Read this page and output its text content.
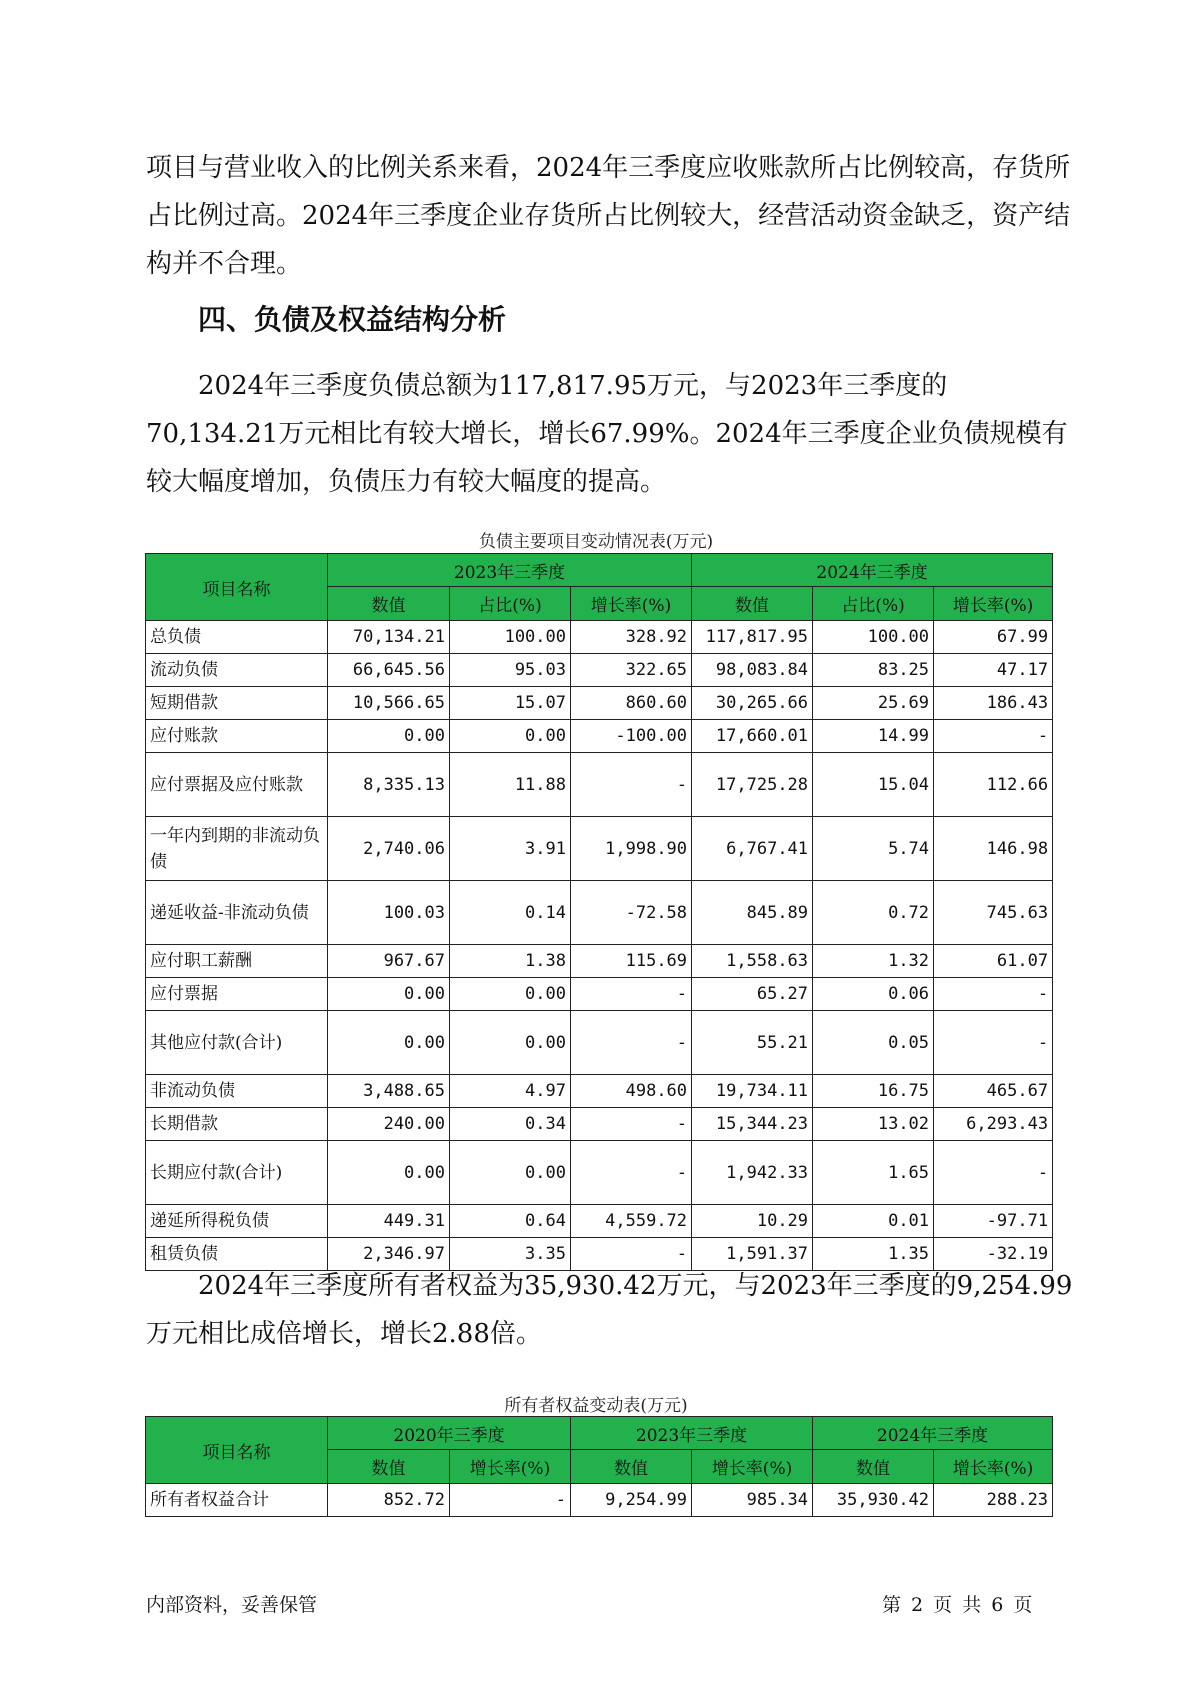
项目与营业收入的比例关系来看，2024年三季度应收账款所占比例较高，存货所占比例过高。2024年三季度企业存货所占比例较大，经营活动资金缺乏，资产结构并不合理。

四、负债及权益结构分析

2024年三季度负债总额为117,817.95万元，与2023年三季度的70,134.21万元相比有较大增长，增长67.99%。2024年三季度企业负债规模有较大幅度增加，负债压力有较大幅度的提高。

负债主要项目变动情况表(万元)
项目名称	2023年三季度			2024年三季度		
	数值	占比(%)	增长率(%)	数值	占比(%)	增长率(%)
总负债	70,134.21	100.00	328.92	117,817.95	100.00	67.99
流动负债	66,645.56	95.03	322.65	98,083.84	83.25	47.17
短期借款	10,566.65	15.07	860.60	30,265.66	25.69	186.43
应付账款	0.00	0.00	-100.00	17,660.01	14.99	-
应付票据及应付账款	8,335.13	11.88	-	17,725.28	15.04	112.66
一年内到期的非流动负债	2,740.06	3.91	1,998.90	6,767.41	5.74	146.98
递延收益-非流动负债	100.03	0.14	-72.58	845.89	0.72	745.63
应付职工薪酬	967.67	1.38	115.69	1,558.63	1.32	61.07
应付票据	0.00	0.00	-	65.27	0.06	-
其他应付款(合计)	0.00	0.00	-	55.21	0.05	-
非流动负债	3,488.65	4.97	498.60	19,734.11	16.75	465.67
长期借款	240.00	0.34	-	15,344.23	13.02	6,293.43
长期应付款(合计)	0.00	0.00	-	1,942.33	1.65	-
递延所得税负债	449.31	0.64	4,559.72	10.29	0.01	-97.71
租赁负债	2,346.97	3.35	-	1,591.37	1.35	-32.19

2024年三季度所有者权益为35,930.42万元，与2023年三季度的9,254.99万元相比成倍增长，增长2.88倍。

所有者权益变动表(万元)
项目名称	2020年三季度		2023年三季度		2024年三季度	
	数值	增长率(%)	数值	增长率(%)	数值	增长率(%)
所有者权益合计	852.72	-	9,254.99	985.34	35,930.42	288.23
内部资料，妥善保管	第 2 页 共 6 页
